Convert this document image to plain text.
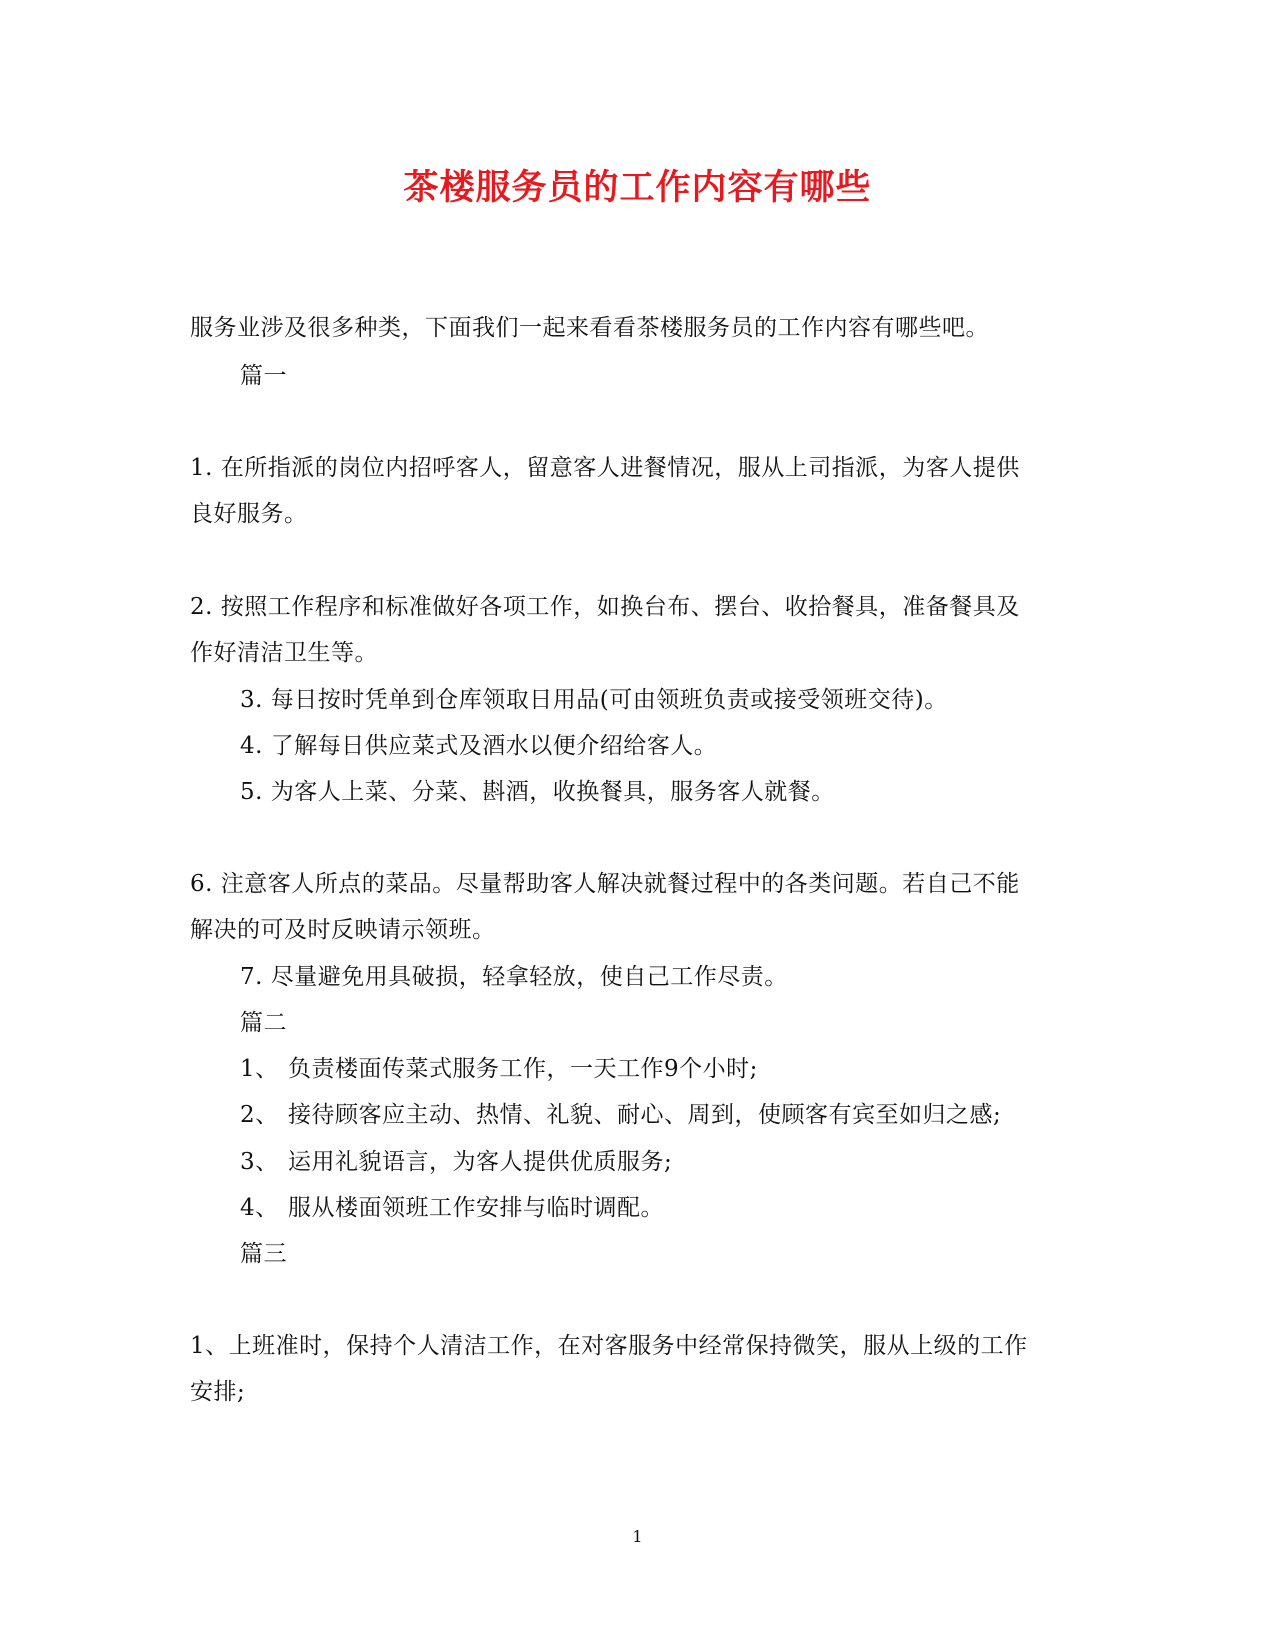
茶楼服务员的工作内容有哪些
服务业涉及很多种类，下面我们一起来看看茶楼服务员的工作内容有哪些吧。
篇一
1. 在所指派的岗位内招呼客人，留意客人进餐情况，服从上司指派，为客人提供
良好服务。
2. 按照工作程序和标准做好各项工作，如换台布、摆台、收拾餐具，准备餐具及
作好清洁卫生等。
3. 每日按时凭单到仓库领取日用品(可由领班负责或接受领班交待)。
4. 了解每日供应菜式及酒水以便介绍给客人。
5. 为客人上菜、分菜、斟酒，收换餐具，服务客人就餐。
6. 注意客人所点的菜品。尽量帮助客人解决就餐过程中的各类问题。若自己不能
解决的可及时反映请示领班。
7. 尽量避免用具破损，轻拿轻放，使自己工作尽责。
篇二
1、 负责楼面传菜式服务工作，一天工作9个小时;
2、 接待顾客应主动、热情、礼貌、耐心、周到，使顾客有宾至如归之感;
3、 运用礼貌语言，为客人提供优质服务;
4、 服从楼面领班工作安排与临时调配。
篇三
1、上班准时，保持个人清洁工作，在对客服务中经常保持微笑，服从上级的工作
安排;
1
